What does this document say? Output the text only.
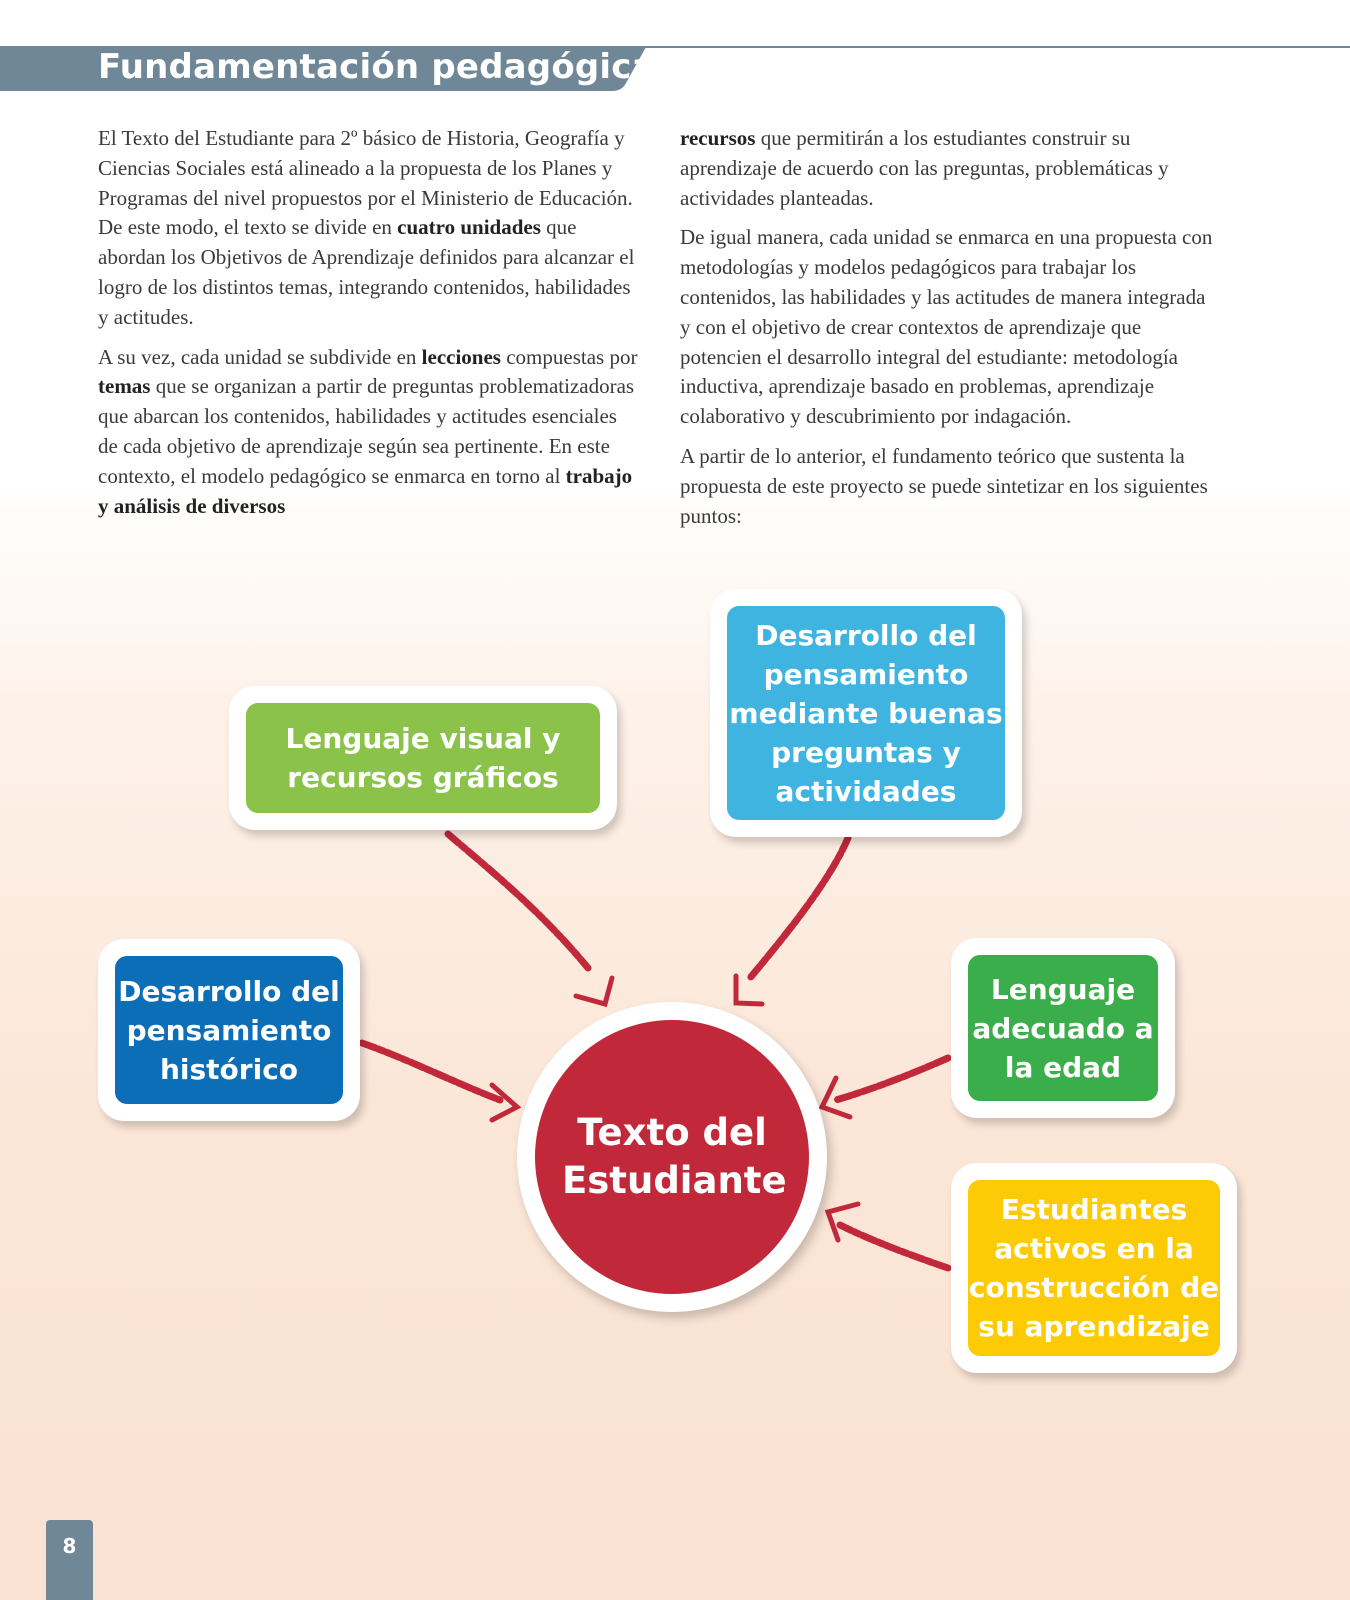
Fundamentación pedagógica

El Texto del Estudiante para 2º básico de Historia, Geografía y Ciencias Sociales está alineado a la propuesta de los Planes y Programas del nivel propuestos por el Ministerio de Educación. De este modo, el texto se divide en cuatro unidades que abordan los Objetivos de Aprendizaje definidos para alcanzar el logro de los distintos temas, integrando contenidos, habilidades y actitudes.

A su vez, cada unidad se subdivide en lecciones compuestas por temas que se organizan a partir de preguntas problematizadoras que abarcan los contenidos, habilidades y actitudes esenciales de cada objetivo de aprendizaje según sea pertinente. En este contexto, el modelo pedagógico se enmarca en torno al trabajo y análisis de diversos

recursos que permitirán a los estudiantes construir su aprendizaje de acuerdo con las preguntas, problemáticas y actividades planteadas.

De igual manera, cada unidad se enmarca en una propuesta con metodologías y modelos pedagógicos para trabajar los contenidos, las habilidades y las actitudes de manera integrada y con el objetivo de crear contextos de aprendizaje que potencien el desarrollo integral del estudiante: metodología inductiva, aprendizaje basado en problemas, aprendizaje colaborativo y descubrimiento por indagación.

A partir de lo anterior, el fundamento teórico que sustenta la propuesta de este proyecto se puede sintetizar en los siguientes puntos:

Lenguaje visual y recursos gráficos
Desarrollo del pensamiento mediante buenas preguntas y actividades
Desarrollo del pensamiento histórico
Lenguaje adecuado a la edad
Estudiantes activos en la construcción de su aprendizaje
Texto del Estudiante
8
